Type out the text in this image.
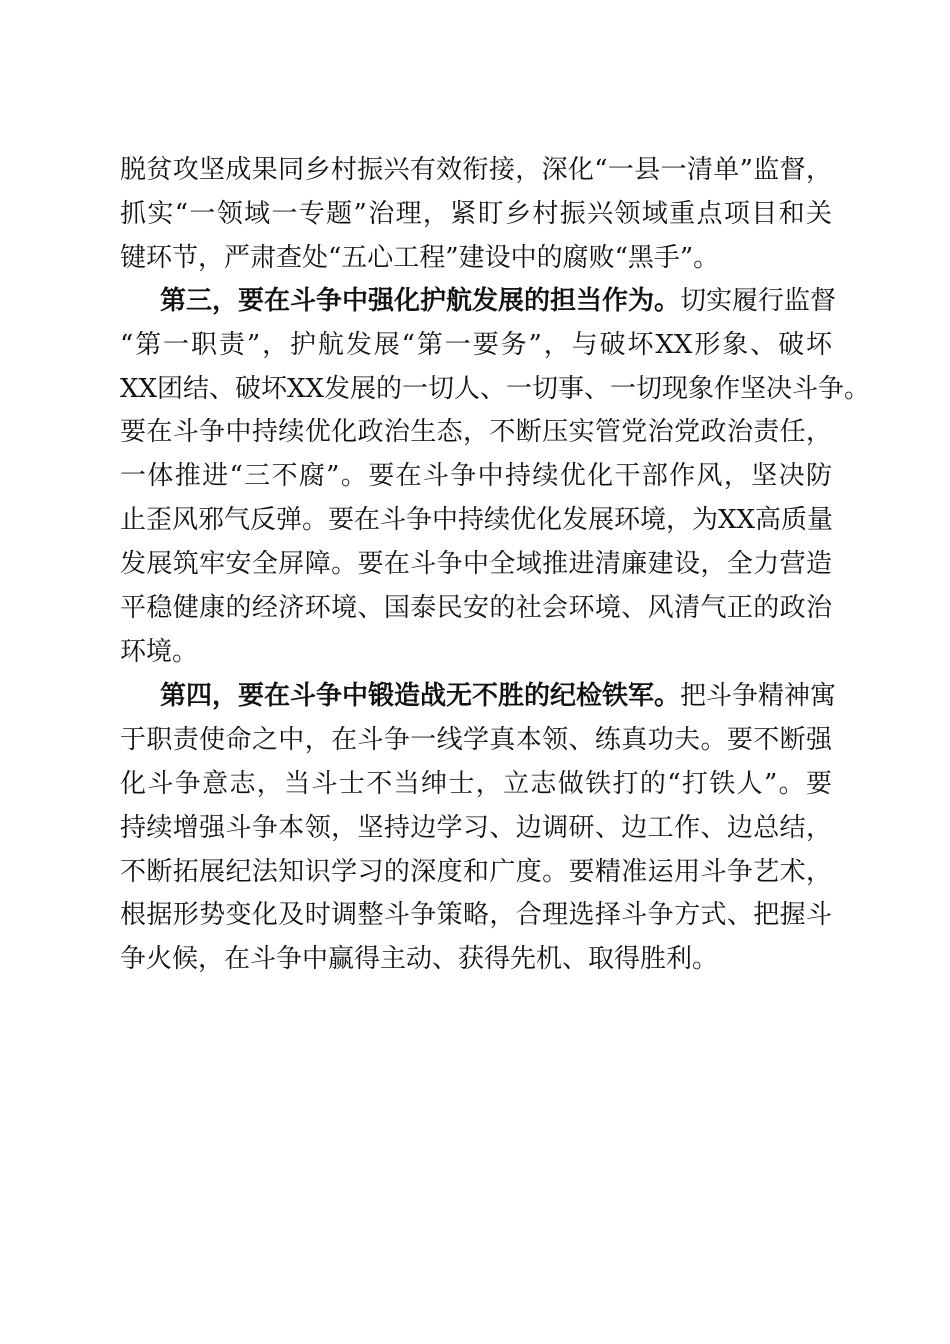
脱贫攻坚成果同乡村振兴有效衔接，深化“一县一清单”监督，
抓实“一领域一专题”治理，紧盯乡村振兴领域重点项目和关
键环节，严肃查处“五心工程”建设中的腐败“黑手”。
第三，要在斗争中强化护航发展的担当作为。切实履行监督
“第一职责”，护航发展“第一要务”，与破坏XX形象、破坏
XX团结、破坏XX发展的一切人、一切事、一切现象作坚决斗争。
要在斗争中持续优化政治生态，不断压实管党治党政治责任，
一体推进“三不腐”。要在斗争中持续优化干部作风，坚决防
止歪风邪气反弹。要在斗争中持续优化发展环境，为XX高质量
发展筑牢安全屏障。要在斗争中全域推进清廉建设，全力营造
平稳健康的经济环境、国泰民安的社会环境、风清气正的政治
环境。
第四，要在斗争中锻造战无不胜的纪检铁军。把斗争精神寓
于职责使命之中，在斗争一线学真本领、练真功夫。要不断强
化斗争意志，当斗士不当绅士，立志做铁打的“打铁人”。要
持续增强斗争本领，坚持边学习、边调研、边工作、边总结，
不断拓展纪法知识学习的深度和广度。要精准运用斗争艺术，
根据形势变化及时调整斗争策略，合理选择斗争方式、把握斗
争火候，在斗争中赢得主动、获得先机、取得胜利。
